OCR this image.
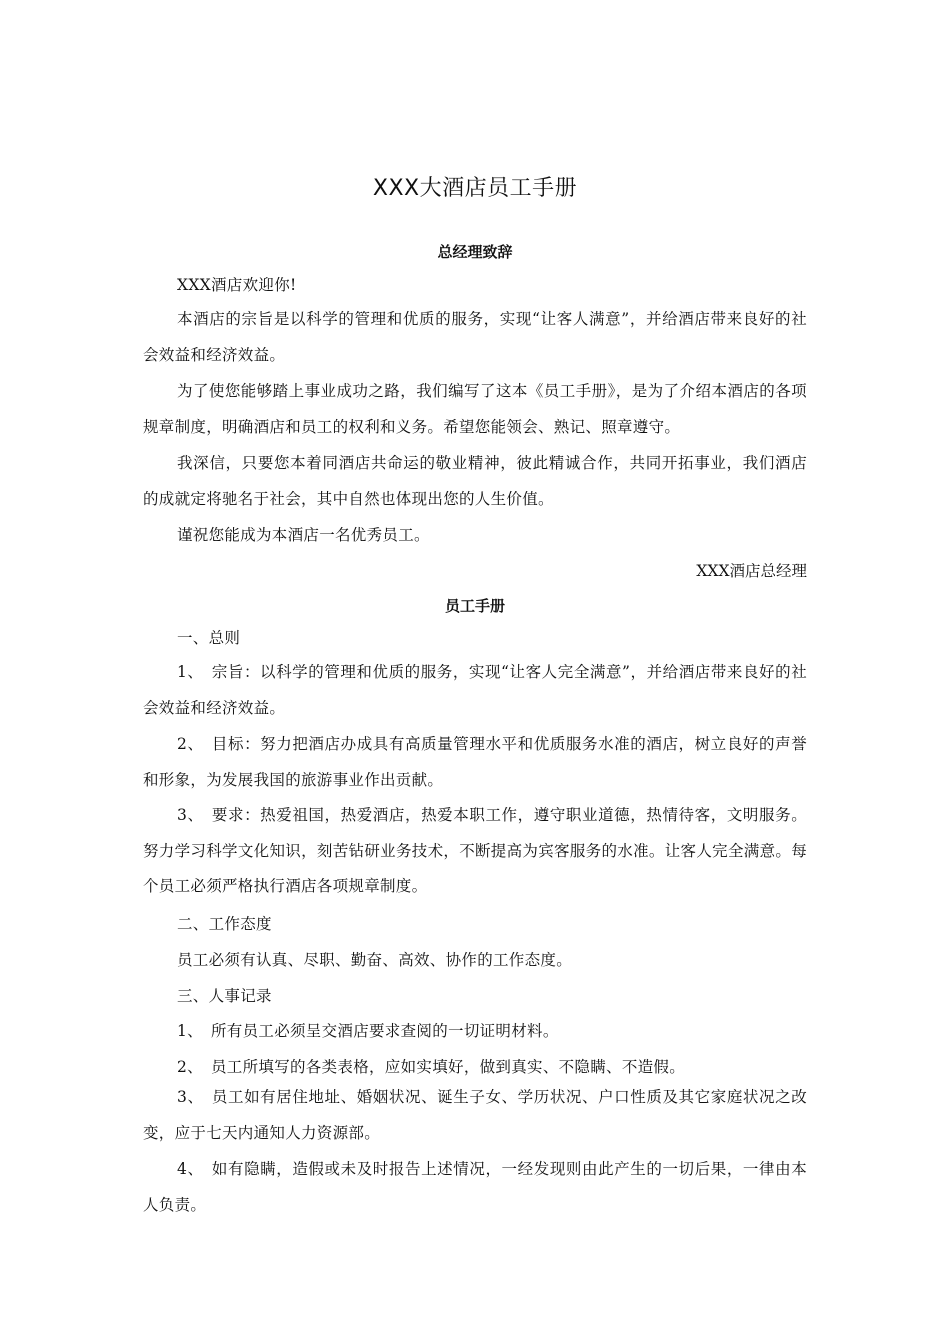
XXX大酒店员工手册
总经理致辞

XXX酒店欢迎你!

本酒店的宗旨是以科学的管理和优质的服务，实现“让客人满意”，并给酒店带来良好的社会效益和经济效益。

为了使您能够踏上事业成功之路，我们编写了这本《员工手册》，是为了介绍本酒店的各项规章制度，明确酒店和员工的权利和义务。希望您能领会、熟记、照章遵守。

我深信，只要您本着同酒店共命运的敬业精神，彼此精诚合作，共同开拓事业，我们酒店的成就定将驰名于社会，其中自然也体现出您的人生价值。

谨祝您能成为本酒店一名优秀员工。

XXX酒店总经理

员工手册

一、总则

1、　宗旨：以科学的管理和优质的服务，实现“让客人完全满意”，并给酒店带来良好的社会效益和经济效益。

2、　目标：努力把酒店办成具有高质量管理水平和优质服务水准的酒店，树立良好的声誉和形象，为发展我国的旅游事业作出贡献。

3、　要求：热爱祖国，热爱酒店，热爱本职工作，遵守职业道德，热情待客，文明服务。努力学习科学文化知识，刻苦钻研业务技术，不断提高为宾客服务的水准。让客人完全满意。每个员工必须严格执行酒店各项规章制度。

二、工作态度

员工必须有认真、尽职、勤奋、高效、协作的工作态度。

三、人事记录

1、　所有员工必须呈交酒店要求查阅的一切证明材料。

2、　员工所填写的各类表格，应如实填好，做到真实、不隐瞒、不造假。

3、　员工如有居住地址、婚姻状况、诞生子女、学历状况、户口性质及其它家庭状况之改变，应于七天内通知人力资源部。

4、　如有隐瞒，造假或未及时报告上述情况，一经发现则由此产生的一切后果，一律由本人负责。
